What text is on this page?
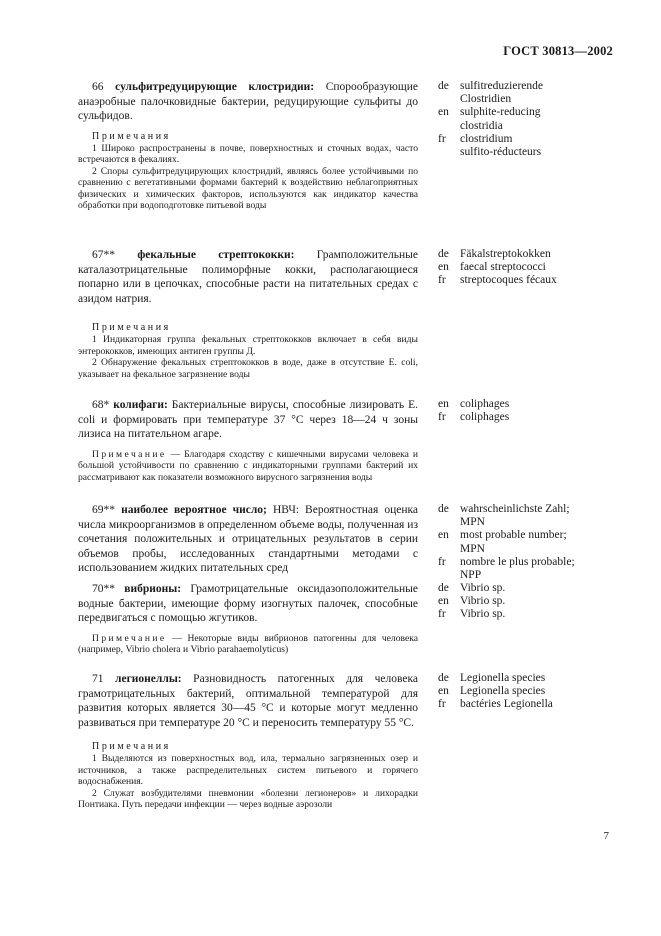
ГОСТ 30813—2002

66 сульфитредуцирующие клостридии: Спорообразующие анаэробные палочковидные бактерии, редуцирующие сульфиты до сульфидов.

Примечания

1 Широко распространены в почве, поверхностных и сточных водах, часто встречаются в фекалиях.

2 Споры сульфитредуцирующих клостридий, являясь более устойчивыми по сравнению с вегетативными формами бактерий к воздействию неблагоприятных физических и химических факторов, используются как индикатор качества обработки при водоподготовке питьевой воды

de sulfitreduzierende
Clostridien
en sulphite-reducing
clostridia
fr	clostridium
sulfito-réducteurs

67** фекальные стрептококки: Грамположительные каталазотрицательные полиморфные кокки, располагающиеся попарно или в цепочках, способные расти на питательных средах с азидом натрия.

Примечания

1 Индикаторная группа фекальных стрептококков включает в себя виды энтерококков, имеющих антиген группы Д.

2 Обнаружение фекальных стрептококков в воде, даже в отсутствие E. coli, указывает на фекальное загрязнение воды

de Fäkalstreptokokken
en faecal streptococci
fr	streptocoques fécaux

68* колифаги: Бактериальные вирусы, способные лизировать E. coli и формировать при температуре 37 °С через 18—24 ч зоны лизиса на питательном агаре.

Примечание — Благодаря сходству с кишечными вирусами человека и большой устойчивости по сравнению с индикаторными группами бактерий их рассматривают как показатели возможного вирусного загрязнения воды

en coliphages
fr	coliphages

69** наиболее вероятное число; НВЧ: Вероятностная оценка числа микроорганизмов в определенном объеме воды, полученная из сочетания положительных и отрицательных результатов в серии объемов пробы, исследованных стандартными методами с использованием жидких питательных сред

de wahrscheinlichste Zahl;
MPN
en most probable number;
MPN
fr	nombre le plus probable;
NPP

70** вибрионы: Грамотрицательные оксидазоположительные водные бактерии, имеющие форму изогнутых палочек, способные передвигаться с помощью жгутиков.

Примечание — Некоторые виды вибрионов патогенны для человека (например, Vibrio cholera и Vibrio parahaemolyticus)

de Vibrio sp.
en Vibrio sp.
fr	Vibrio sp.

71 легионеллы: Разновидность патогенных для человека грамотрицательных бактерий, оптимальной температурой для развития которых является 30—45 °С и которые могут медленно развиваться при температуре 20 °С и переносить температуру 55 °С.

Примечания

1 Выделяются из поверхностных вод, ила, термально загрязненных озер и источников, а также распределительных систем питьевого и горячего водоснабжения.

2 Служат возбудителями пневмонии «болезни легионеров» и лихорадки Понтиака. Путь передачи инфекции — через водные аэрозоли

de Legionella species
en Legionella species
fr	bactéries Legionella
7
